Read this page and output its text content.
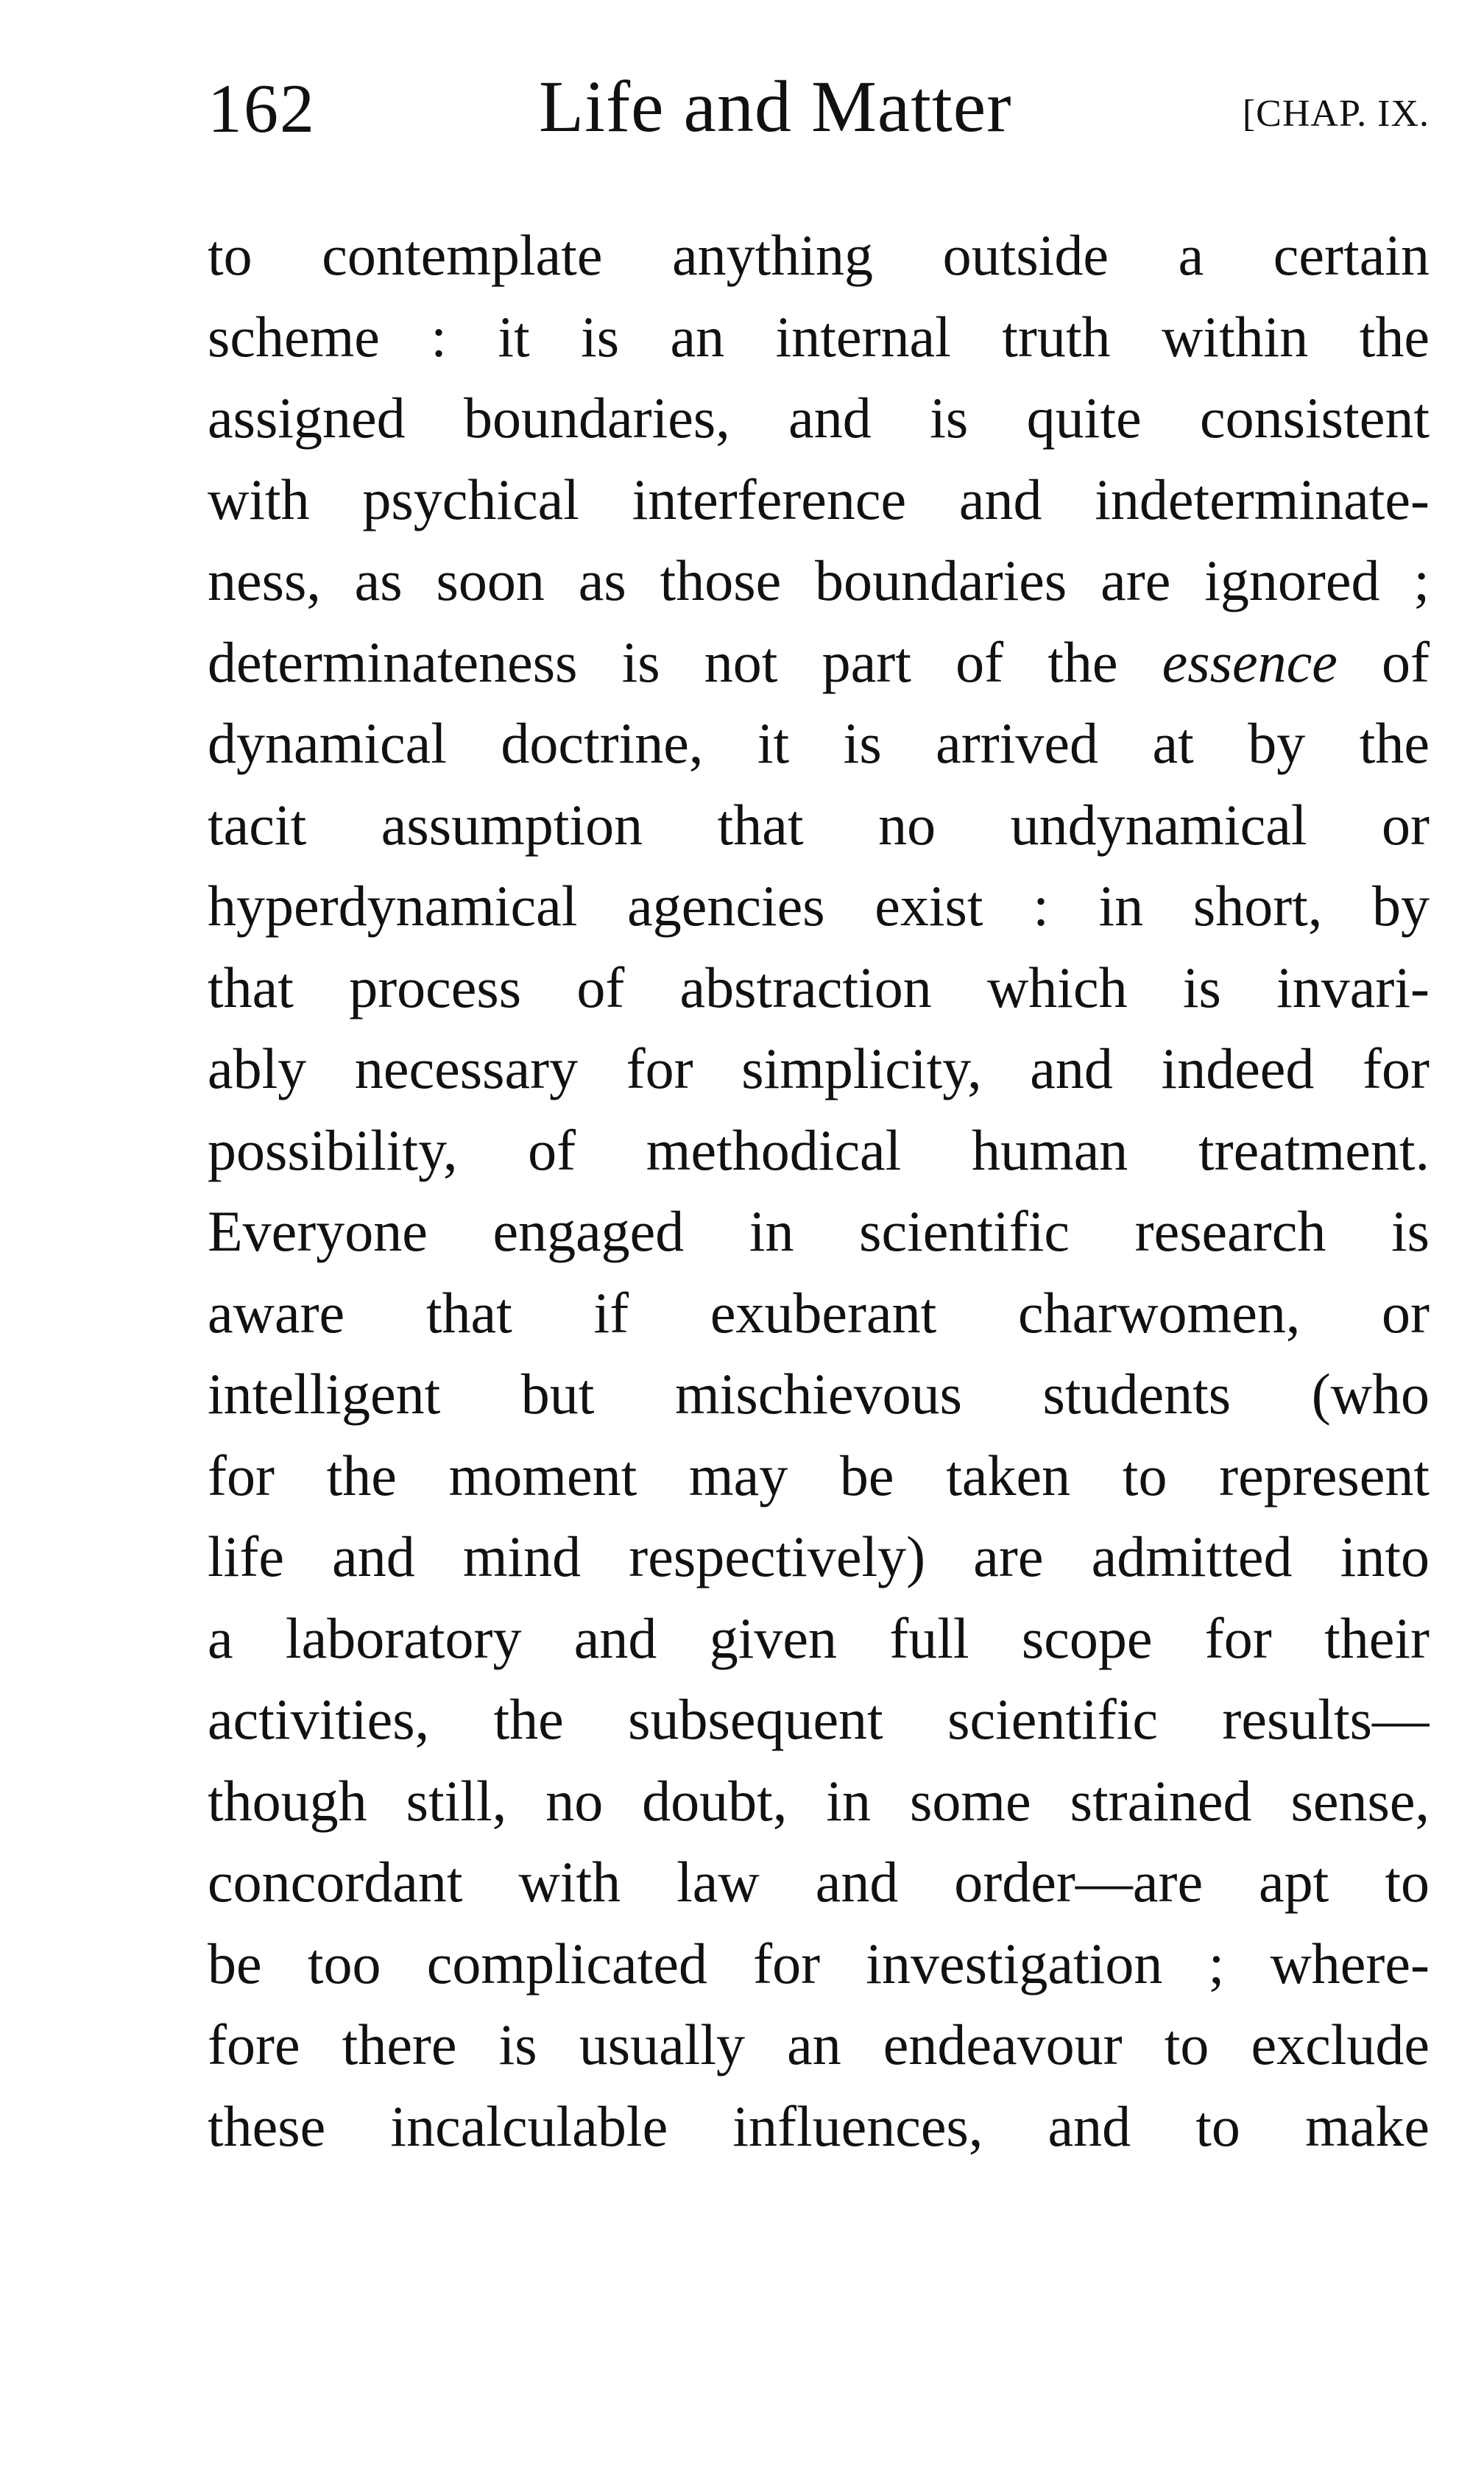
162	Life and Matter	[CHAP. IX.
to contemplate anything outside a certain
scheme : it is an internal truth within the
assigned boundaries, and is quite consistent
with psychical interference and indeterminate-
ness, as soon as those boundaries are ignored ;
determinateness is not part of the essence of
dynamical doctrine, it is arrived at by the
tacit assumption that no undynamical or
hyperdynamical agencies exist : in short, by
that process of abstraction which is invari-
ably necessary for simplicity, and indeed for
possibility, of methodical human treatment.
Everyone engaged in scientific research is
aware that if exuberant charwomen, or
intelligent but mischievous students (who
for the moment may be taken to represent
life and mind respectively) are admitted into
a laboratory and given full scope for their
activities, the subsequent scientific results—
though still, no doubt, in some strained sense,
concordant with law and order—are apt to
be too complicated for investigation ; where-
fore there is usually an endeavour to exclude
these incalculable influences, and to make
